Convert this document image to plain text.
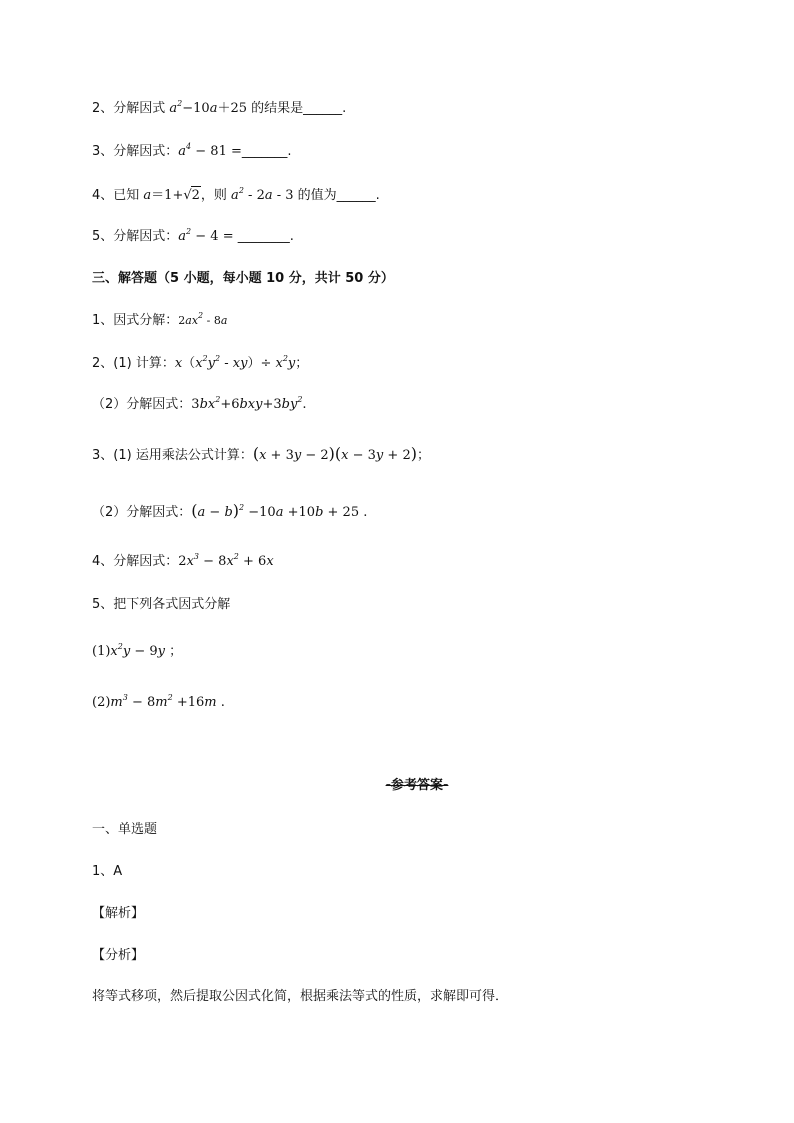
2、分解因式 $a^2-10a+25$ 的结果是______.
3、分解因式：$a^4 - 81$ =_______.
4、已知 a＝1+√2，则 $a^2 - 2a - 3$ 的值为______.
5、分解因式：$a^2 - 4$ = ________.
三、解答题（5 小题，每小题 10 分，共计 50 分）
1、因式分解：$2ax^2 - 8a$
2、(1) 计算：$x(x^2y^2 - xy)\div x^2y$；
（2）分解因式：$3bx^2+6bxy+3by^2$.
3、(1) 运用乘法公式计算：(x + 3y − 2)(x − 3y + 2)；
（2）分解因式：$(a - b)^2 -10a +10b + 25$ .
4、分解因式：$2x^3 - 8x^2 + 6x$
5、把下列各式因式分解
$(1)x^2y - 9y$ ；
$(2)m^3 - 8m^2 +16m$ .
-参考答案-
一、单选题
1、A
【解析】
【分析】
将等式移项，然后提取公因式化简，根据乘法等式的性质，求解即可得．
